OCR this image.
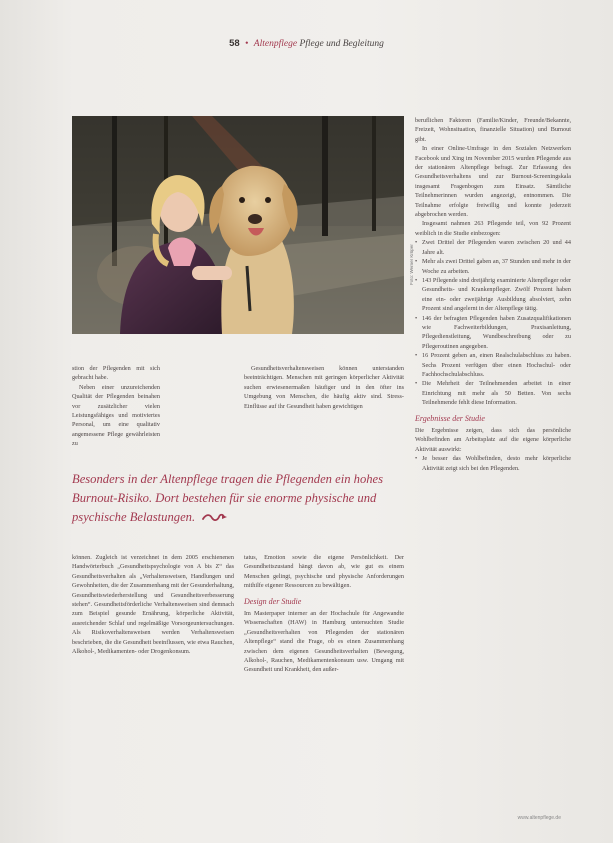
58 • Altenpflege Pflege und Begleitung
Foto: Werner Krüper

stion der Pflegenden mit sich gebracht habe.

Neben einer unzureichenden Qualität der Pflegenden beinahen vor zusätzlicher vielen Leistungsfähiges und motiviertes Personal, um eine qualitativ angemessene Pflege gewährleisten zu

Gesundheitsverhaltensweisen können unterstanden beeinträchtigen. Menschen mit geringen körperlicher Aktivität suchen erwiesenermaßen häufiger und in den öfter ins Umgebung von Menschen, die häufig aktiv sind. Stress-Einflüsse auf ihr Gesundheit haben gewichtigen

Besonders in der Altenpflege tragen die Pflegenden ein hohes Burnout-Risiko. Dort bestehen für sie enorme physische und psychische Belastungen.

können. Zugleich ist verzeichnet in dem 2005 erschienenen Handwörterbuch „Gesundheitspsychologie von A bis Z“ das Gesundheitsverhalten als „Verhaltensweisen, Handlungen und Gewohnheiten, die der Zusammenhang mit der Gesunderhaltung, Gesundheitswiederherstellung und Gesundheitsverbesserung stehen“. Gesundheitsförderliche Verhaltensweisen sind demnach zum Beispiel gesunde Ernährung, körperliche Aktivität, ausreichender Schlaf und regelmäßige Vorsorgeuntersuchungen. Als Risikoverhaltensweisen werden Verhaltensweisen beschrieben, die die Gesundheit beeinflussen, wie etwa Rauchen, Alkohol-, Medikamenten- oder Drogenkonsum.

tatus, Emotion sowie die eigene Persönlichkeit. Der Gesundheitszustand hängt davon ab, wie gut es einem Menschen gelingt, psychische und physische Anforderungen mithilfe eigener Ressourcen zu bewältigen.

Design der Studie

Im Masterpaper interner an der Hochschule für Angewandte Wissenschaften (HAW) in Hamburg untersuchten Studie „Gesundheitsverhalten von Pflegenden der stationären Altenpflege“ stand die Frage, ob es einen Zusammenhang zwischen dem eigenen Gesundheitsverhalten (Bewegung, Alkohol-, Rauchen, Medikamentenkonsum usw. Umgang mit Gesundheit und Krankheit, den außer-

beruflichen Faktoren (Familie/Kinder, Freunde/Bekannte, Freizeit, Wohnsituation, finanzielle Situation) und Burnout gibt.

In einer Online-Umfrage in den Sozialen Netzwerken Facebook und Xing im November 2015 wurden Pflegende aus der stationären Altenpflege befragt. Zur Erfassung des Gesundheitsverhaltens und zur Burnout-Screeningskala insgesamt Fragenbogen zum Einsatz. Sämtliche Teilnehmerinnen wurden angezeigt, entnommen. Die Teilnahme erfolgte freiwillig und konnte jederzeit abgebrochen werden.

Insgesamt nahmen 263 Pflegende teil, von 92 Prozent weiblich in die Studie einbezogen:

• Zwei Drittel der Pflegenden waren zwischen 20 und 44 Jahre alt.
• Mehr als zwei Drittel gaben an, 37 Stunden und mehr in der Woche zu arbeiten.
• 143 Pflegende sind dreijährig examinierte Altenpfleger oder Gesundheits- und Krankenpfleger. Zwölf Prozent haben eine ein- oder zweijährige Ausbildung absolviert, zehn Prozent sind angelernt in der Altenpflege tätig.
• 146 der befragten Pflegenden haben Zusatzqualifikationen wie Fachweiterbildungen, Praxisanleitung, Pflegedienstleitung, Wundbeschreibung oder zu Pflegeroutinen angegeben.
• 16 Prozent geben an, einen Realschulabschluss zu haben. Sechs Prozent verfügen über einen Hochschul- oder Fachhochschulabschluss.
• Die Mehrheit der Teilnehmenden arbeitet in einer Einrichtung mit mehr als 50 Betten. Von sechs Teilnehmende fehlt diese Information.
Ergebnisse der Studie

Die Ergebnisse zeigen, dass sich das persönliche Wohlbefinden am Arbeitsplatz auf die eigene körperliche Aktivität auswirkt:

• Je besser das Wohlbefinden, desto mehr körperliche Aktivität zeigt sich bei den Pflegenden.
www.altenpflege.de
